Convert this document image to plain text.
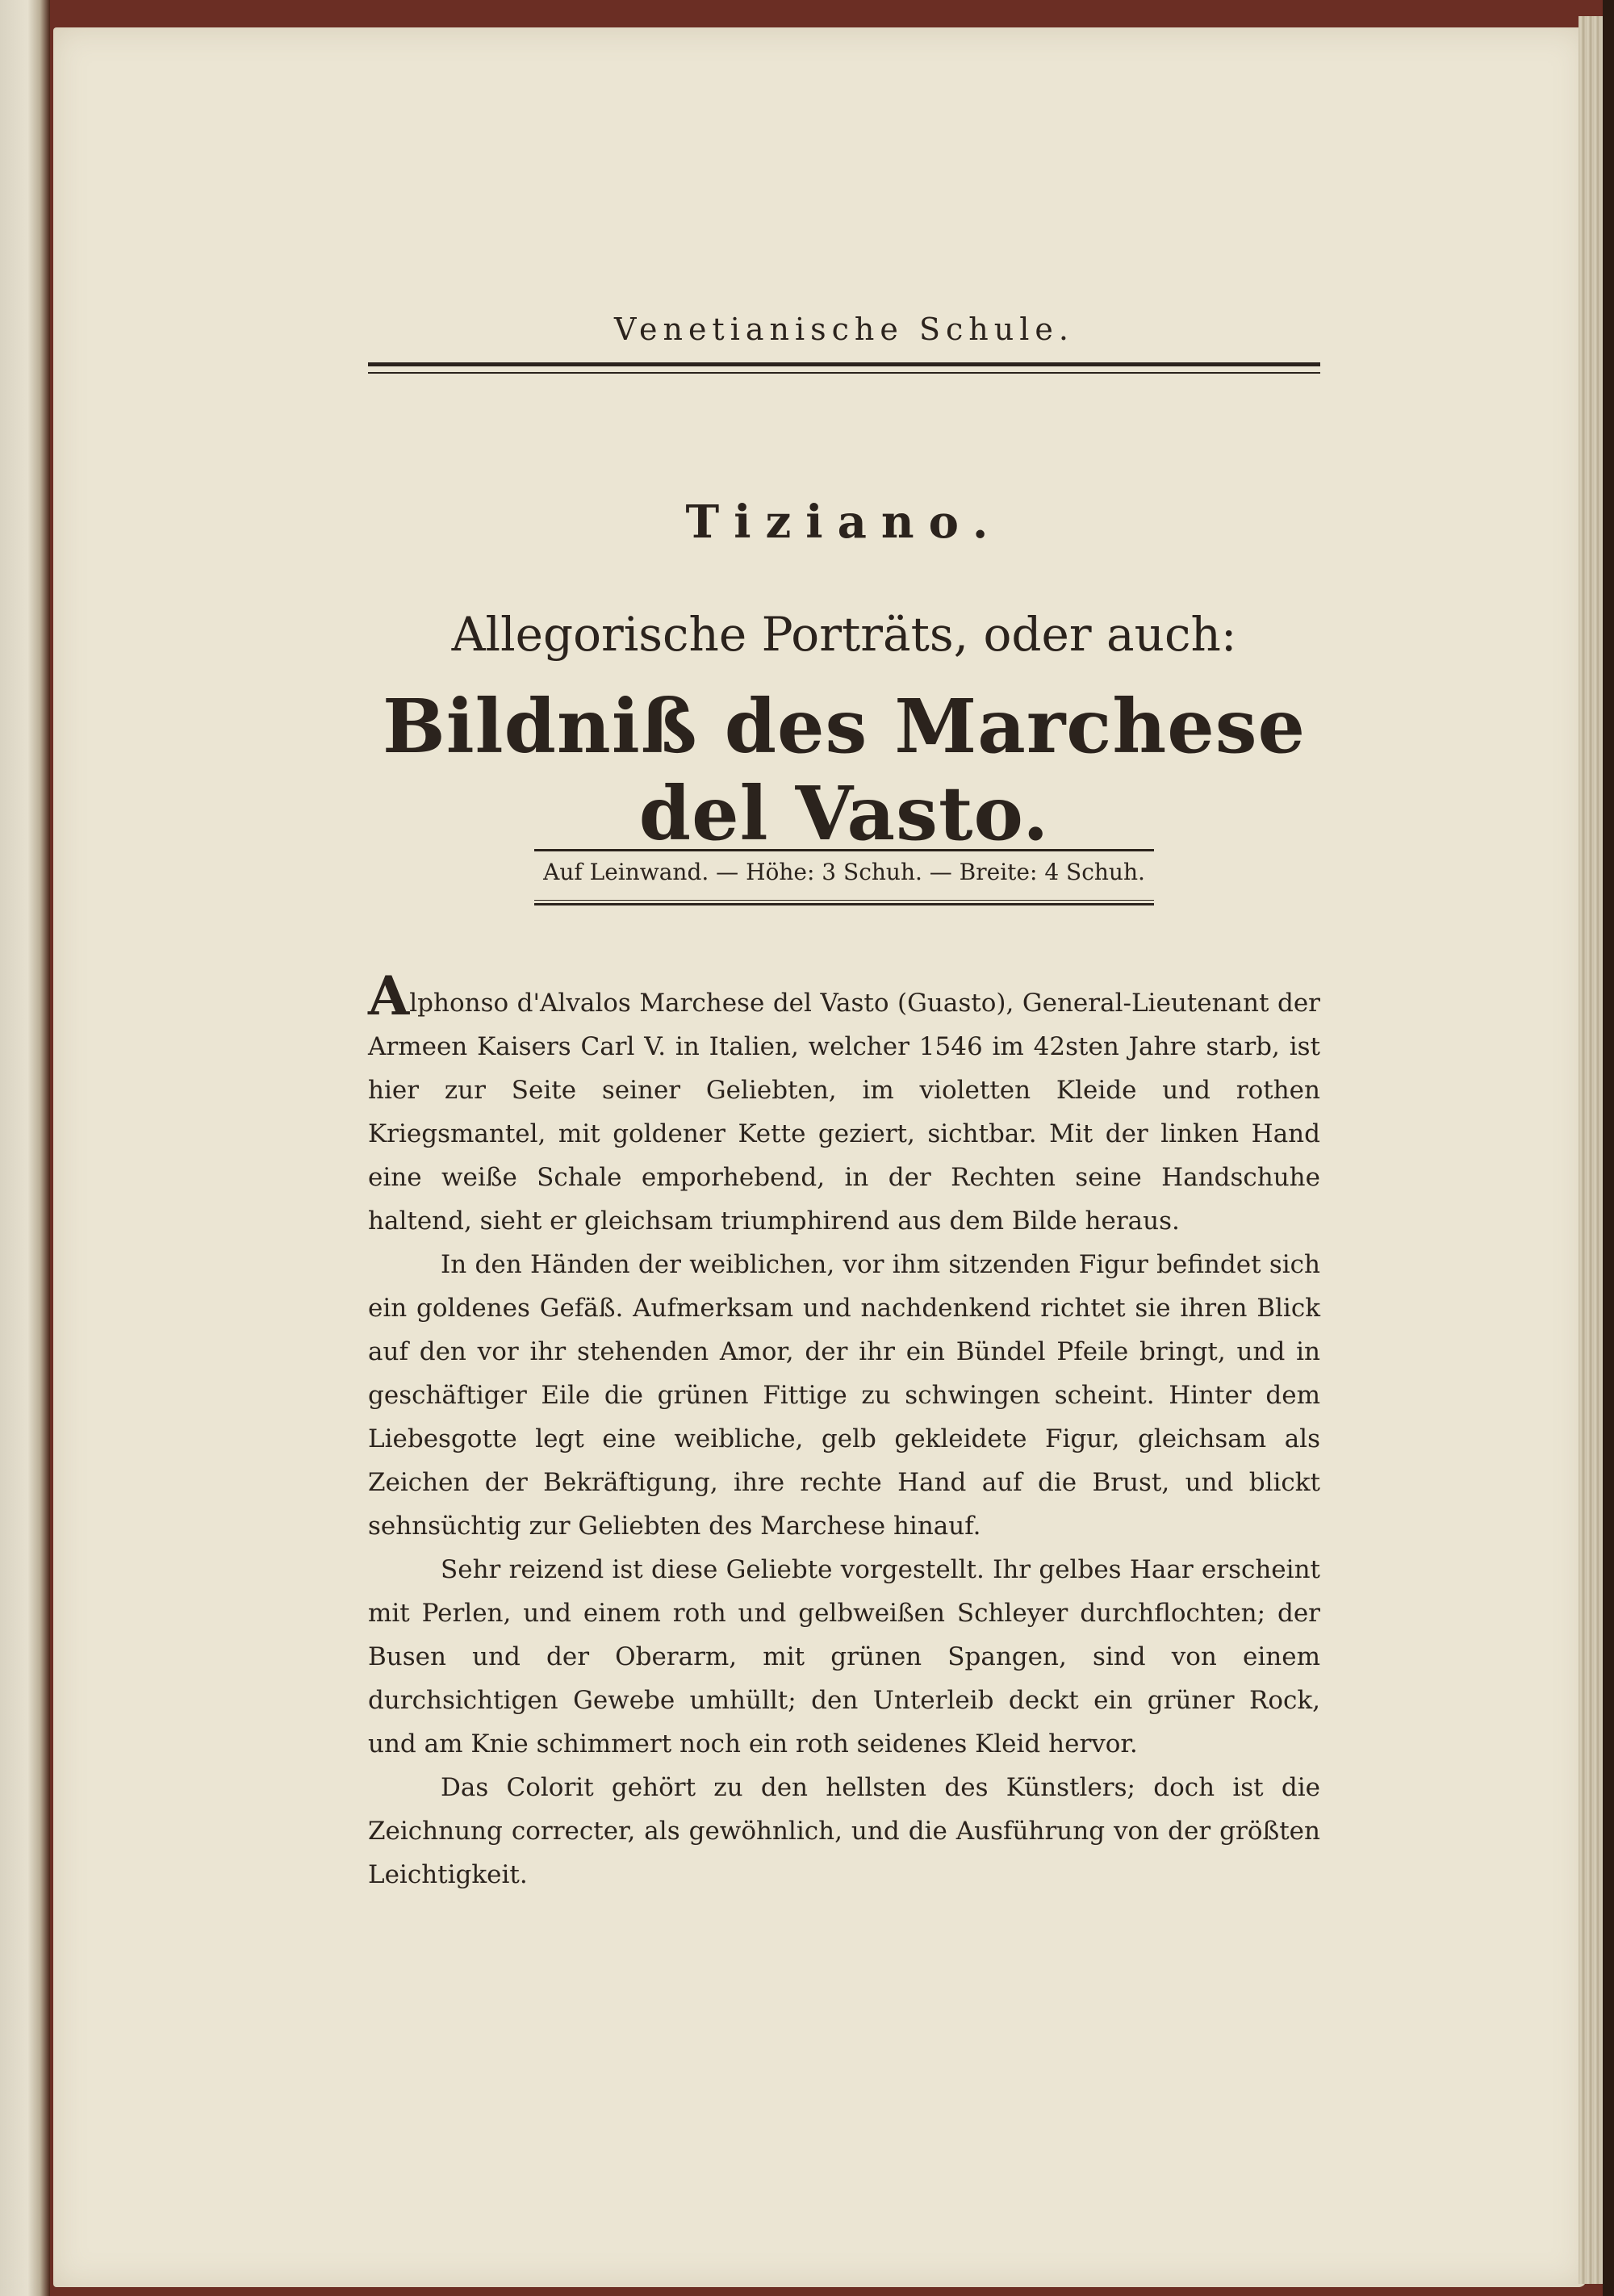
Venetianische Schule.
Tiziano.
Allegorische Porträts, oder auch:
Bildniß des Marchese del Vasto.
Auf Leinwand. — Höhe: 3 Schuh. — Breite: 4 Schuh.

Alphonso d'Alvalos Marchese del Vasto (Guasto), General-Lieutenant der Armeen Kaisers Carl V. in Italien, welcher 1546 im 42sten Jahre starb, ist hier zur Seite seiner Geliebten, im violetten Kleide und rothen Kriegsmantel, mit goldener Kette geziert, sichtbar. Mit der linken Hand eine weiße Schale emporhebend, in der Rechten seine Handschuhe haltend, sieht er gleichsam triumphirend aus dem Bilde heraus.

In den Händen der weiblichen, vor ihm sitzenden Figur befindet sich ein goldenes Gefäß. Aufmerksam und nachdenkend richtet sie ihren Blick auf den vor ihr stehenden Amor, der ihr ein Bündel Pfeile bringt, und in geschäftiger Eile die grünen Fittige zu schwingen scheint. Hinter dem Liebesgotte legt eine weibliche, gelb gekleidete Figur, gleichsam als Zeichen der Bekräftigung, ihre rechte Hand auf die Brust, und blickt sehnsüchtig zur Geliebten des Marchese hinauf.

Sehr reizend ist diese Geliebte vorgestellt. Ihr gelbes Haar erscheint mit Perlen, und einem roth und gelbweißen Schleyer durchflochten; der Busen und der Oberarm, mit grünen Spangen, sind von einem durchsichtigen Gewebe umhüllt; den Unterleib deckt ein grüner Rock, und am Knie schimmert noch ein roth seidenes Kleid hervor.

Das Colorit gehört zu den hellsten des Künstlers; doch ist die Zeichnung correcter, als gewöhnlich, und die Ausführung von der größten Leichtigkeit.
